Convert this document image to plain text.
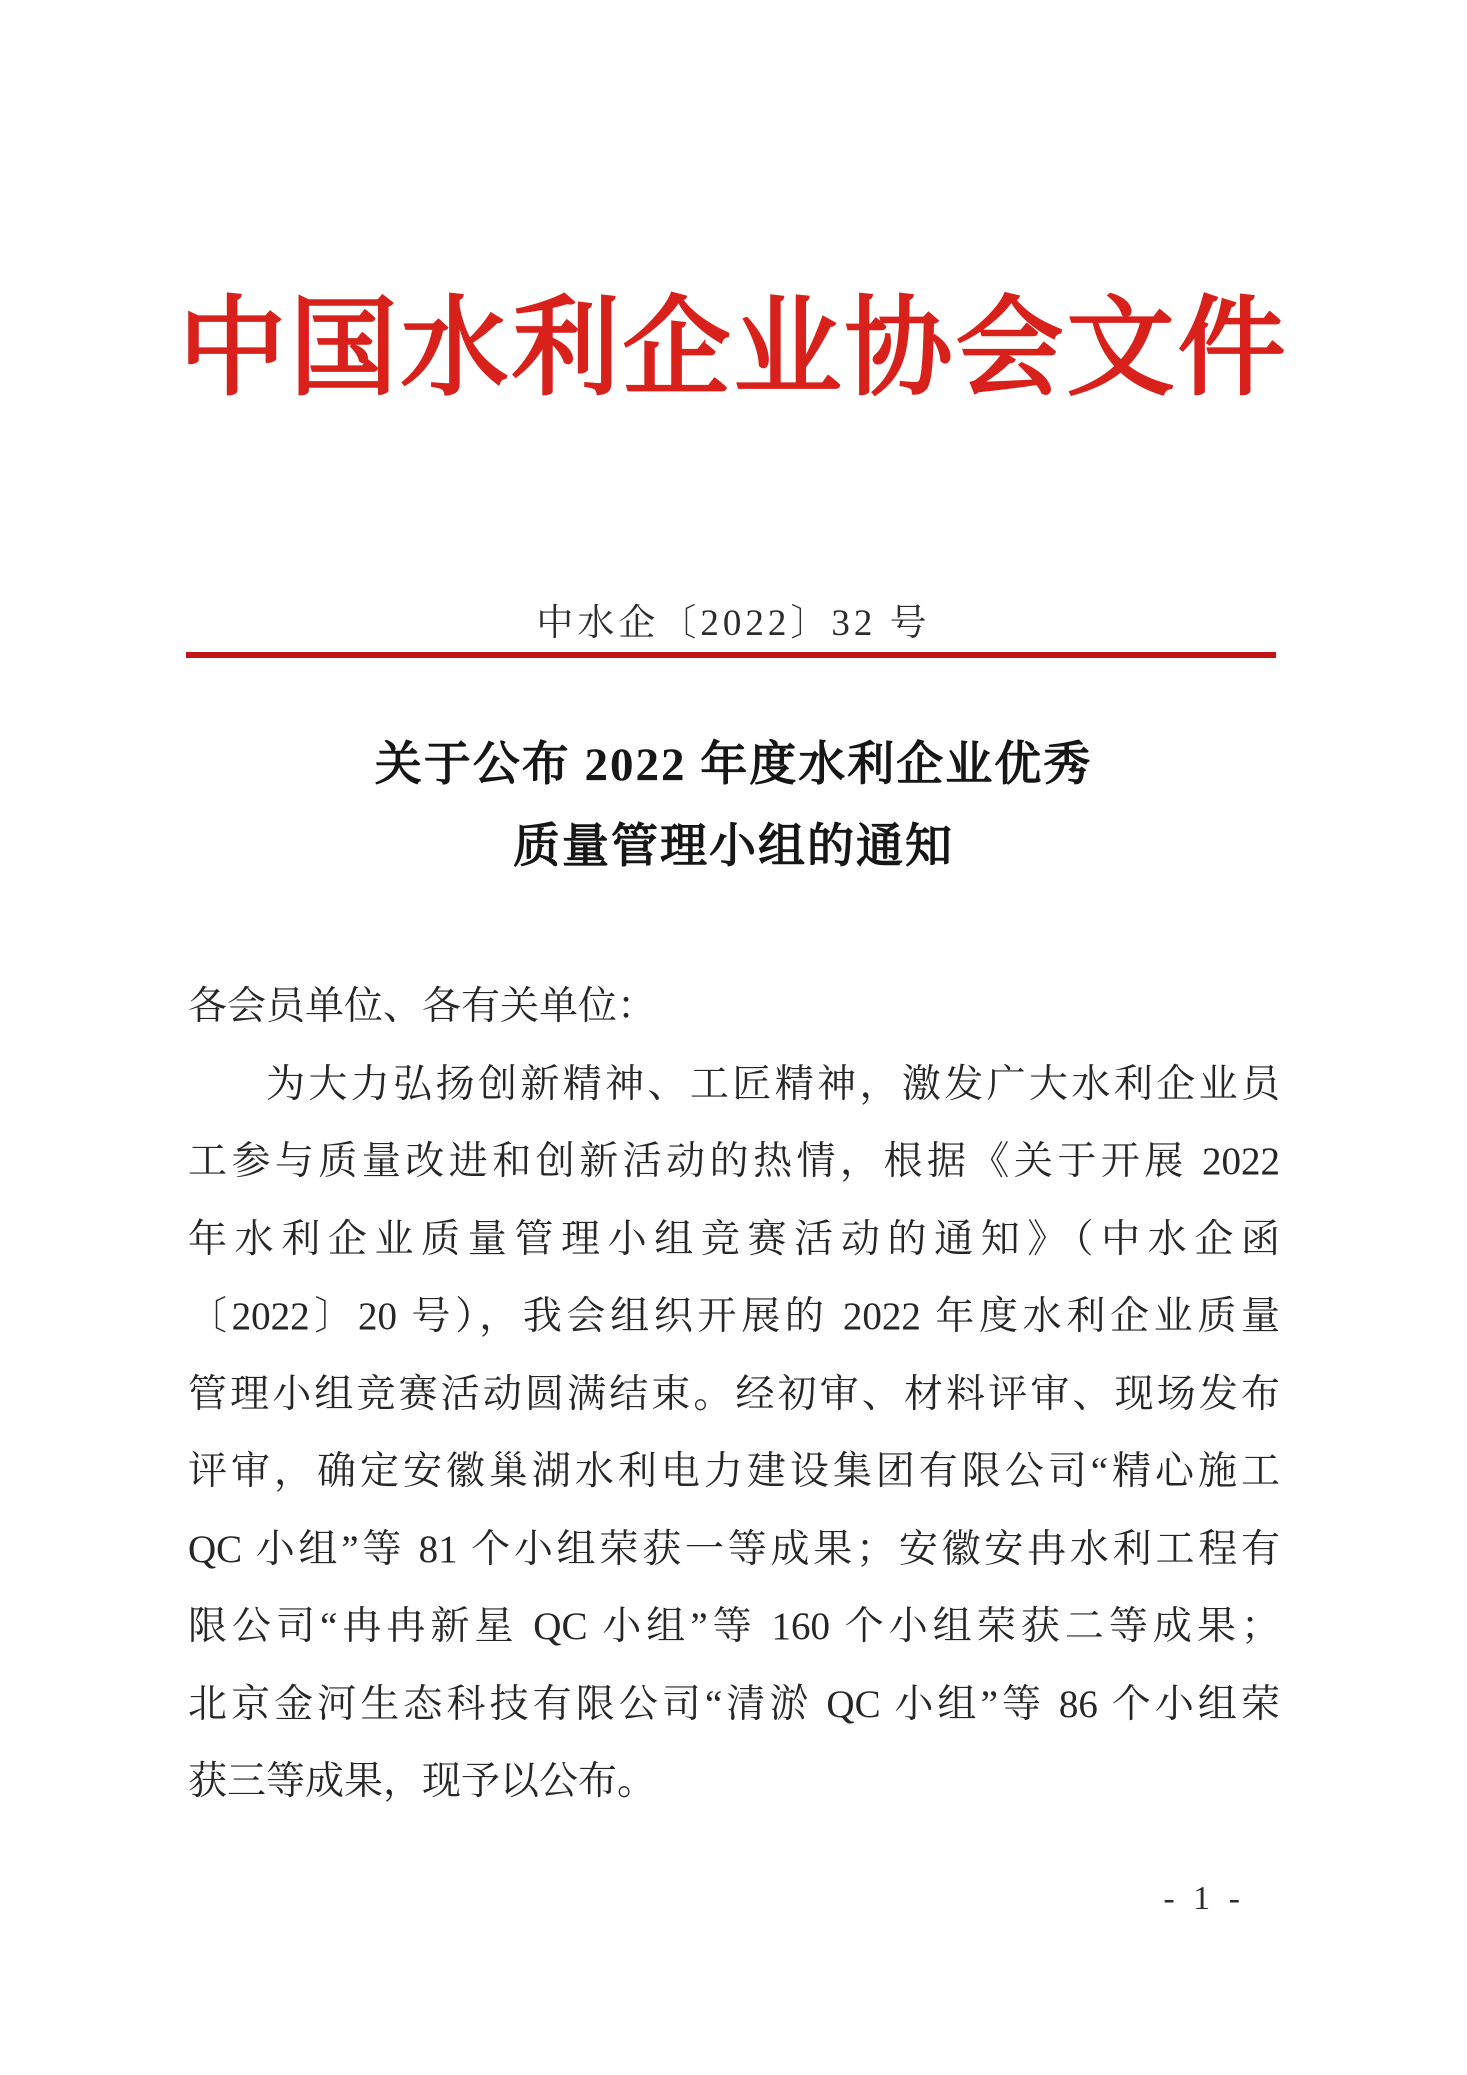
中国水利企业协会文件
中水企〔2022〕32 号
关于公布 2022 年度水利企业优秀
质量管理小组的通知
各会员单位、各有关单位：
为大力弘扬创新精神、工匠精神，激发广大水利企业员
工参与质量改进和创新活动的热情，根据《关于开展 2022
年水利企业质量管理小组竞赛活动的通知》（中水企函
〔2022〕20 号），我会组织开展的 2022 年度水利企业质量
管理小组竞赛活动圆满结束。经初审、材料评审、现场发布
评审，确定安徽巢湖水利电力建设集团有限公司“精心施工
QC 小组”等 81 个小组荣获一等成果；安徽安冉水利工程有
限公司“冉冉新星 QC 小组”等 160 个小组荣获二等成果；
北京金河生态科技有限公司“清淤 QC 小组”等 86 个小组荣
获三等成果，现予以公布。
- 1 -
